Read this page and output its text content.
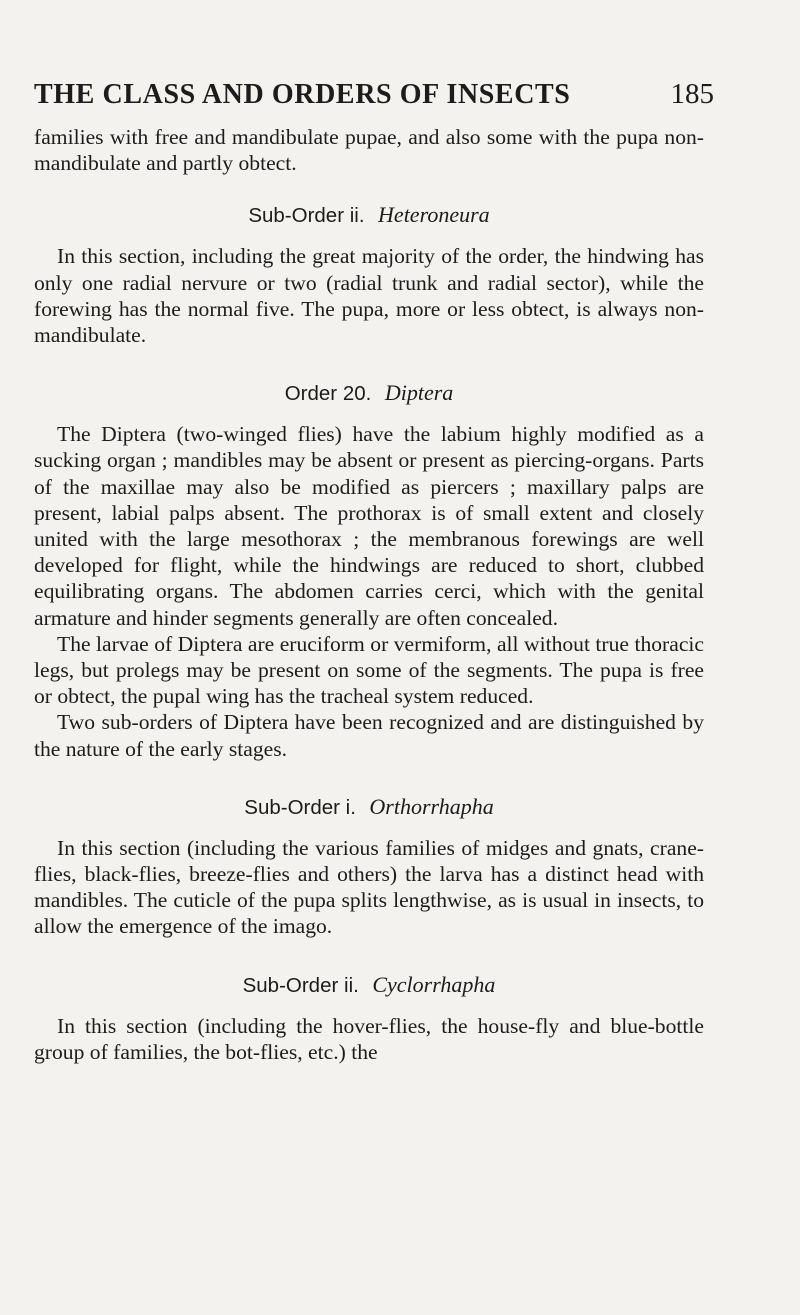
THE CLASS AND ORDERS OF INSECTS	185

families with free and mandibulate pupae, and also some with the pupa non-mandibulate and partly obtect.

Sub-Order ii. Heteroneura

In this section, including the great majority of the order, the hindwing has only one radial nervure or two (radial trunk and radial sector), while the forewing has the normal five. The pupa, more or less obtect, is always non-mandibulate.

Order 20. Diptera

The Diptera (two-winged flies) have the labium highly modified as a sucking organ ; mandibles may be absent or present as piercing-organs. Parts of the maxillae may also be modified as piercers ; maxillary palps are present, labial palps absent. The prothorax is of small extent and closely united with the large mesothorax ; the membranous forewings are well developed for flight, while the hindwings are reduced to short, clubbed equilibrating organs. The abdomen carries cerci, which with the genital armature and hinder segments generally are often concealed.

The larvae of Diptera are eruciform or vermiform, all without true thoracic legs, but prolegs may be present on some of the segments. The pupa is free or obtect, the pupal wing has the tracheal system reduced.

Two sub-orders of Diptera have been recognized and are distinguished by the nature of the early stages.

Sub-Order i. Orthorrhapha

In this section (including the various families of midges and gnats, crane-flies, black-flies, breeze-flies and others) the larva has a distinct head with mandibles. The cuticle of the pupa splits lengthwise, as is usual in insects, to allow the emergence of the imago.

Sub-Order ii. Cyclorrhapha

In this section (including the hover-flies, the house-fly and blue-bottle group of families, the bot-flies, etc.) the
